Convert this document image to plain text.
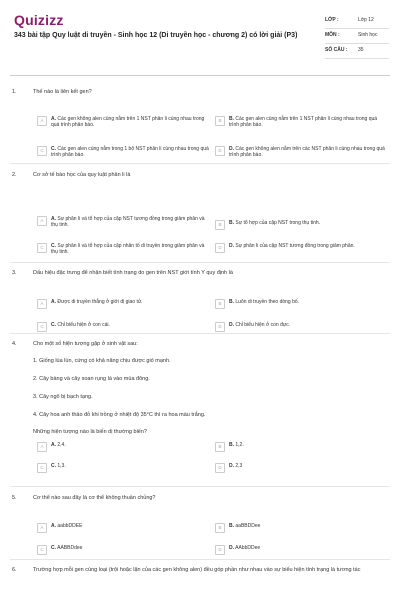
Quizizz
343 bài tập Quy luật di truyền - Sinh học 12 (Di truyền học - chương 2) có lời giải (P3)
LỚP :	Lớp 12
MÔN :	Sinh học
SỐ CÂU :	35
1.	Thế nào là liên kết gen?
A	A. Các gen không alen cùng nằm trên 1 NST phân li cùng nhau trong quá trình phân bào.
B	B. Các gen alen cùng nằm trên 1 NST phân li cùng nhau trong quá trình phân bào.
C	C. Các gen alen cùng nằm trong 1 bộ NST phân li cùng nhau trong quá trình phân bào.
D	D. Các gen không alen nằm trên các NST phân li cùng nhau trong quá trình phân bào.
2.	Cơ sở tế bào học của quy luật phân li là
A	A. Sự phân li và tổ hợp của cặp NST tương đồng trong giảm phân và thụ tinh.	B	B. Sự tổ hợp của cặp NST trong thụ tinh.
C	C. Sự phân li và tổ hợp của cặp nhân tố di truyền trong giảm phân và thụ tinh.
D	D. Sự phân li của cặp NST tương đồng trong giảm phân.
3.	Dấu hiệu đặc trưng để nhận biết tính trạng do gen trên NST giới tính Y quy định là
A	A. Được di truyền thẳng ở giới dị giao tử.	B	B. Luôn di truyền theo dòng bố.
C	C. Chỉ biểu hiện ở con cái.	D	D. Chỉ biểu hiện ở con đực.
4.	Cho một số hiện tượng gặp ở sinh vật sau:
1. Giống lúa lùn, cứng có khả năng chịu được gió mạnh.
2. Cây bàng và cây xoan rụng lá vào mùa đông.
3. Cây ngô bị bạch tạng.
4. Cây hoa anh thảo đỏ khi trồng ở nhiệt độ 35°C thì ra hoa màu trắng.
Những hiện tượng nào là biến dị thường biến?
A	A. 2,4.	B	B. 1,2.
C	C. 1,3.	D	D. 2,3
5.	Cơ thể nào sau đây là cơ thể không thuần chủng?
A	A. aabbDDEE	B	B. aaBBDDee
C	C. AABBDdee	D	D. AAbbDDee
6.	Trường hợp mỗi gen cùng loại (trội hoặc lặn của các gen không alen) đều góp phần như nhau vào sự biểu hiện tính trạng là tương tác
